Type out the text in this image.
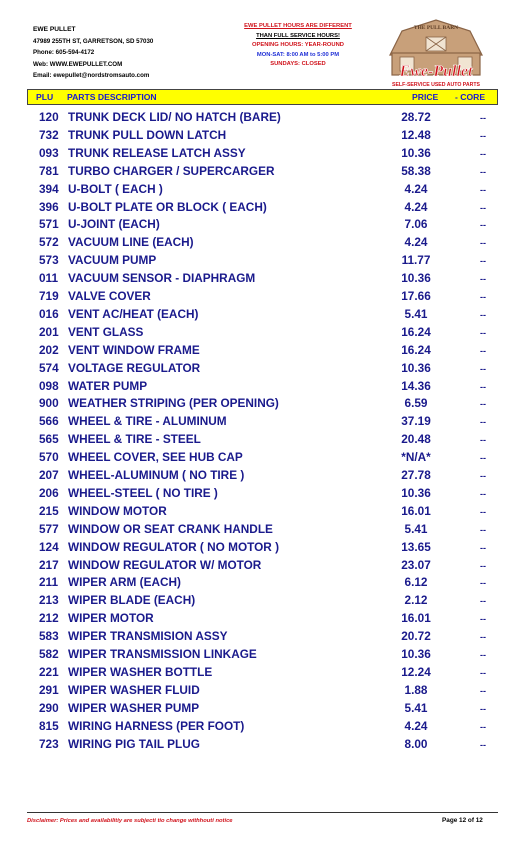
EWE PULLET
47989 255TH ST, GARRETSON, SD 57030
Phone: 605-594-4172
Web: WWW.EWEPULLET.COM
Email: ewepullet@nordstromsauto.com
EWE PULLET HOURS ARE DIFFERENT
THAN FULL SERVICE HOURS!
OPENING HOURS: YEAR-ROUND
MON-SAT: 8:00 AM to 5:00 PM
SUNDAYS: CLOSED
THE PULL BARN
Ewe-Pullet
SELF-SERVICE USED AUTO PARTS
PLU PARTS DESCRIPTION	PRICE - CORE
120 TRUNK DECK LID/ NO HATCH (BARE)	28.72	--
732 TRUNK PULL DOWN LATCH	12.48	--
093 TRUNK RELEASE LATCH ASSY	10.36	--
781 TURBO CHARGER / SUPERCARGER	58.38	--
394 U-BOLT ( EACH )	4.24	--
396 U-BOLT PLATE OR BLOCK ( EACH)	4.24	--
571 U-JOINT (EACH)	7.06	--
572 VACUUM LINE (EACH)	4.24	--
573 VACUUM PUMP	11.77	--
011 VACUUM SENSOR - DIAPHRAGM	10.36	--
719 VALVE COVER	17.66	--
016 VENT AC/HEAT (EACH)	5.41	--
201 VENT GLASS	16.24	--
202 VENT WINDOW FRAME	16.24	--
574 VOLTAGE REGULATOR	10.36	--
098 WATER PUMP	14.36	--
900 WEATHER STRIPING (PER OPENING)	6.59	--
566 WHEEL & TIRE - ALUMINUM	37.19	--
565 WHEEL & TIRE - STEEL	20.48	--
570 WHEEL COVER, SEE HUB CAP	*N/A*	--
207 WHEEL-ALUMINUM ( NO TIRE )	27.78	--
206 WHEEL-STEEL ( NO TIRE )	10.36	--
215 WINDOW MOTOR	16.01	--
577 WINDOW OR SEAT CRANK HANDLE	5.41	--
124 WINDOW REGULATOR ( NO MOTOR )	13.65	--
217 WINDOW REGULATOR W/ MOTOR	23.07	--
211 WIPER ARM (EACH)	6.12	--
213 WIPER BLADE (EACH)	2.12	--
212 WIPER MOTOR	16.01	--
583 WIPER TRANSMISION ASSY	20.72	--
582 WIPER TRANSMISSION LINKAGE	10.36	--
221 WIPER WASHER BOTTLE	12.24	--
291 WIPER WASHER FLUID	1.88	--
290 WIPER WASHER PUMP	5.41	--
815 WIRING HARNESS (PER FOOT)	4.24	--
723 WIRING PIG TAIL PLUG	8.00	--
Disclaimer: Prices and availabilitiy are subjecti tio change withhouti notice	Page 12 of 12
